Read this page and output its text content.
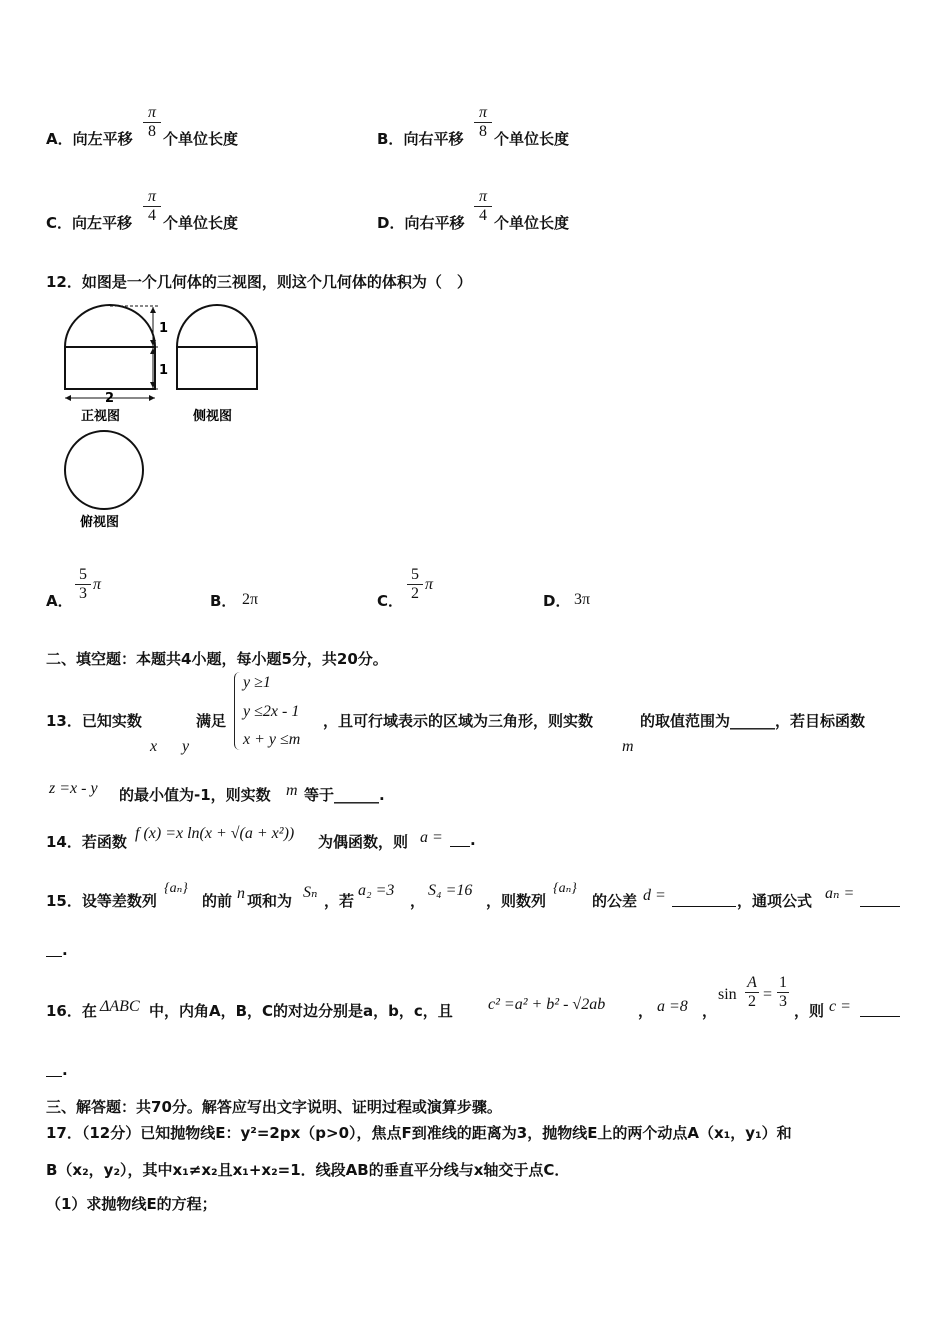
A．向左平移
π
8 个单位长度	B．向右平移
π
8 个单位长度
C．向左平移
π
4 个单位长度	D．向右平移
π
4 个单位长度
12．如图是一个几何体的三视图，则这个几何体的体积为（　）
1
1
2
正视图	侧视图
俯视图
A．
5
3
π
B． 2π	C．
5
2
π
D． 3π
二、填空题：本题共4小题，每小题5分，共20分。
13．已知实数
x y
满足
y ≥1
y ≤2x - 1
x + y ≤m
，且可行域表示的区域为三角形，则实数
m
的取值范围为______，若目标函数
z =x - y 的最小值为-1，则实数 m 等于______.
14．若函数 f (x) =x ln(x + √(a + x²)) 为偶函数，则 a = .
15．设等差数列
{aₙ}
的前 n 项和为 Sₙ ，若
a₂ =3
，
S₄ =16
，则数列
{aₙ}
的公差 d =	，通项公式 aₙ =
.
16．在 ΔABC 中，内角A，B，C的对边分别是a，b，c，且 c² =a² + b² - √2ab ， a =8 ，
sin
A
2 =
1
3
，则 c =
.
三、解答题：共70分。解答应写出文字说明、证明过程或演算步骤。
17．（12分）已知抛物线E：y²=2px（p>0），焦点F到准线的距离为3，抛物线E上的两个动点A（x₁，y₁）和
B（x₂，y₂），其中x₁≠x₂且x₁+x₂=1．线段AB的垂直平分线与x轴交于点C．
（1）求抛物线E的方程；
